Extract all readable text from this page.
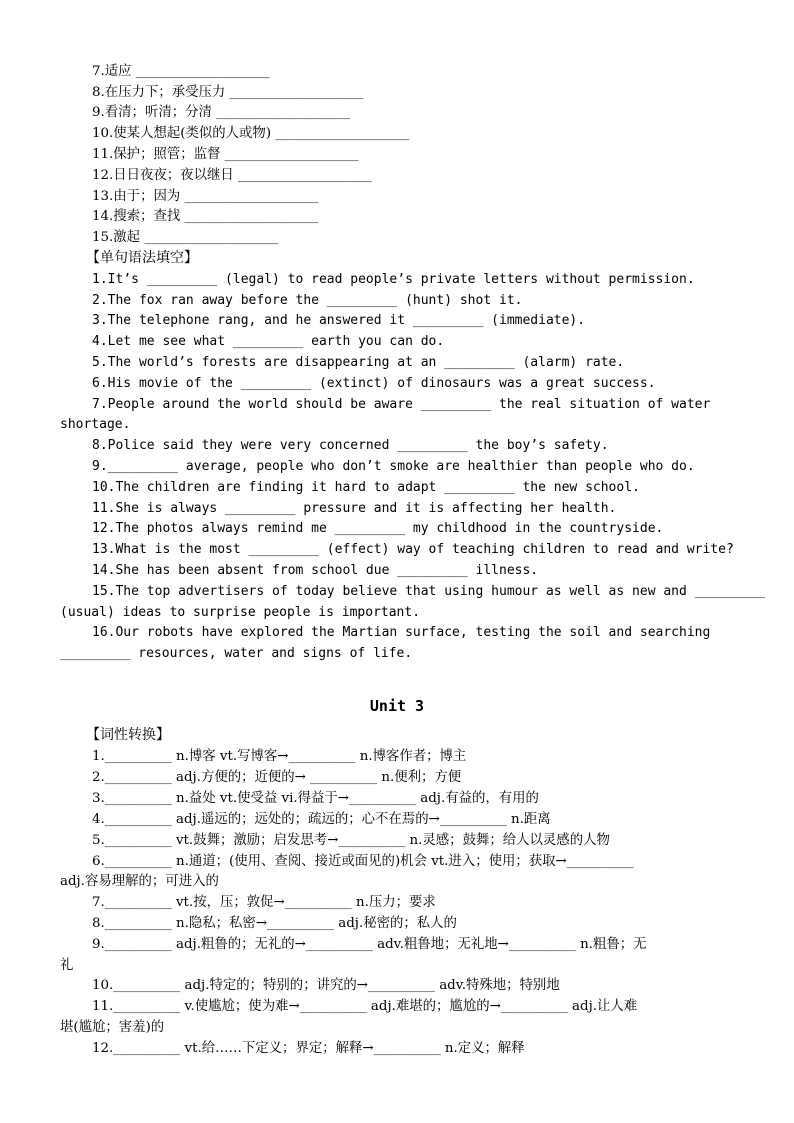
7.适应 ____________________
8.在压力下；承受压力 ____________________
9.看清；听清；分清 ____________________
10.使某人想起(类似的人或物) ____________________
11.保护；照管；监督 ____________________
12.日日夜夜；夜以继日 ____________________
13.由于；因为 ____________________
14.搜索；查找 ____________________
15.激起 ____________________
【单句语法填空】
1.It’s _________ (legal) to read people’s private letters without permission.
2.The fox ran away before the _________ (hunt) shot it.
3.The telephone rang, and he answered it _________ (immediate).
4.Let me see what _________ earth you can do.
5.The world’s forests are disappearing at an _________ (alarm) rate.
6.His movie of the _________ (extinct) of dinosaurs was a great success.
7.People around the world should be aware _________ the real situation of water
shortage.
8.Police said they were very concerned _________ the boy’s safety.
9._________ average, people who don’t smoke are healthier than people who do.
10.The children are finding it hard to adapt _________ the new school.
11.She is always _________ pressure and it is affecting her health.
12.The photos always remind me _________ my childhood in the countryside.
13.What is the most _________ (effect) way of teaching children to read and write?
14.She has been absent from school due _________ illness.
15.The top advertisers of today believe that using humour as well as new and _________
(usual) ideas to surprise people is important.
16.Our robots have explored the Martian surface, testing the soil and searching
_________ resources, water and signs of life.
Unit 3
【词性转换】
1.__________ n.博客 vt.写博客→__________ n.博客作者；博主
2.__________ adj.方便的；近便的→ __________ n.便利；方便
3.__________ n.益处 vt.使受益 vi.得益于→__________ adj.有益的，有用的
4.__________ adj.遥远的；远处的；疏远的；心不在焉的→__________ n.距离
5.__________ vt.鼓舞；激励；启发思考→__________ n.灵感；鼓舞；给人以灵感的人物
6.__________ n.通道；(使用、查阅、接近或面见的)机会 vt.进入；使用；获取→__________
adj.容易理解的；可进入的
7.__________ vt.按，压；敦促→__________ n.压力；要求
8.__________ n.隐私；私密→__________ adj.秘密的；私人的
9.__________ adj.粗鲁的；无礼的→__________ adv.粗鲁地；无礼地→__________ n.粗鲁；无
礼
10.__________ adj.特定的；特别的；讲究的→__________ adv.特殊地；特别地
11.__________ v.使尴尬；使为难→__________ adj.难堪的；尴尬的→__________ adj.让人难
堪(尴尬；害羞)的
12.__________ vt.给……下定义；界定；解释→__________ n.定义；解释
